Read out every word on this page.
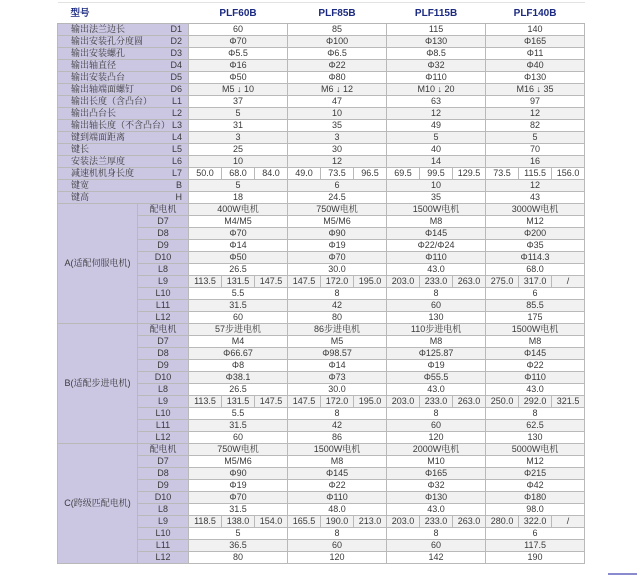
型号		PLF60B			PLF85B			PLF115B			PLF140B		

输出法兰边长 D1		60			85			115			140		

输出安装孔分度圆 D2		Φ70			Φ100			Φ130			Φ165		

输出安装螺孔 D3		Φ5.5			Φ6.5			Φ8.5			Φ11		

输出轴直径 D4		Φ16			Φ22			Φ32			Φ40		

输出安装凸台 D5		Φ50			Φ80			Φ110			Φ130		

输出轴端面螺钉 D6		M5 ↓ 10			M6 ↓ 12			M10 ↓ 20			M16 ↓ 35		

输出长度（含凸台） L1		37			47			63			97		

输出凸台长 L2		5			10			12			12		

输出轴长度（不含凸台） L3		31			35			49			82		

键到端面距离 L4		3			3			5			5		

键长 L5		25			30			40			70		

安装法兰厚度 L6		10			12			14			16		

减速机机身长度 L7		50.0	68.0	84.0	49.0	73.5	96.5	69.5	99.5	129.5	73.5	115.5	156.0

键宽 B		5			6			10			12		

键高 H		18			24.5			35			43		
A(适配伺服电机)	配电机	400W电机			750W电机			1500W电机			3000W电机		
	D7	M4/M5			M5/M6			M8			M12		
	D8	Φ70			Φ90			Φ145			Φ200		
	D9	Φ14			Φ19			Φ22/Φ24			Φ35		
	D10	Φ50			Φ70			Φ110			Φ114.3		
	L8	26.5			30.0			43.0			68.0		
	L9	113.5	131.5	147.5	147.5	172.0	195.0	203.0	233.0	263.0	275.0	317.0	/
	L10	5.5			8			8			6		
	L11	31.5			42			60			85.5		
	L12	60			80			130			175		
B(适配步进电机)	配电机	57步进电机			86步进电机			110步进电机			1500W电机		
	D7	M4			M5			M8			M8		
	D8	Φ66.67			Φ98.57			Φ125.87			Φ145		
	D9	Φ8			Φ14			Φ19			Φ22		
	D10	Φ38.1			Φ73			Φ55.5			Φ110		
	L8	26.5			30.0			43.0			43.0		
	L9	113.5	131.5	147.5	147.5	172.0	195.0	203.0	233.0	263.0	250.0	292.0	321.5
	L10	5.5			8			8			8		
	L11	31.5			42			60			62.5		
	L12	60			86			120			130		
C(跨级匹配电机)	配电机	750W电机			1500W电机			2000W电机			5000W电机		
	D7	M5/M6			M8			M10			M12		
	D8	Φ90			Φ145			Φ165			Φ215		
	D9	Φ19			Φ22			Φ32			Φ42		
	D10	Φ70			Φ110			Φ130			Φ180		
	L8	31.5			48.0			43.0			98.0		
	L9	118.5	138.0	154.0	165.5	190.0	213.0	203.0	233.0	263.0	280.0	322.0	/
	L10	5			8			8			6		
	L11	36.5			60			60			117.5		
	L12	80			120			142			190		
